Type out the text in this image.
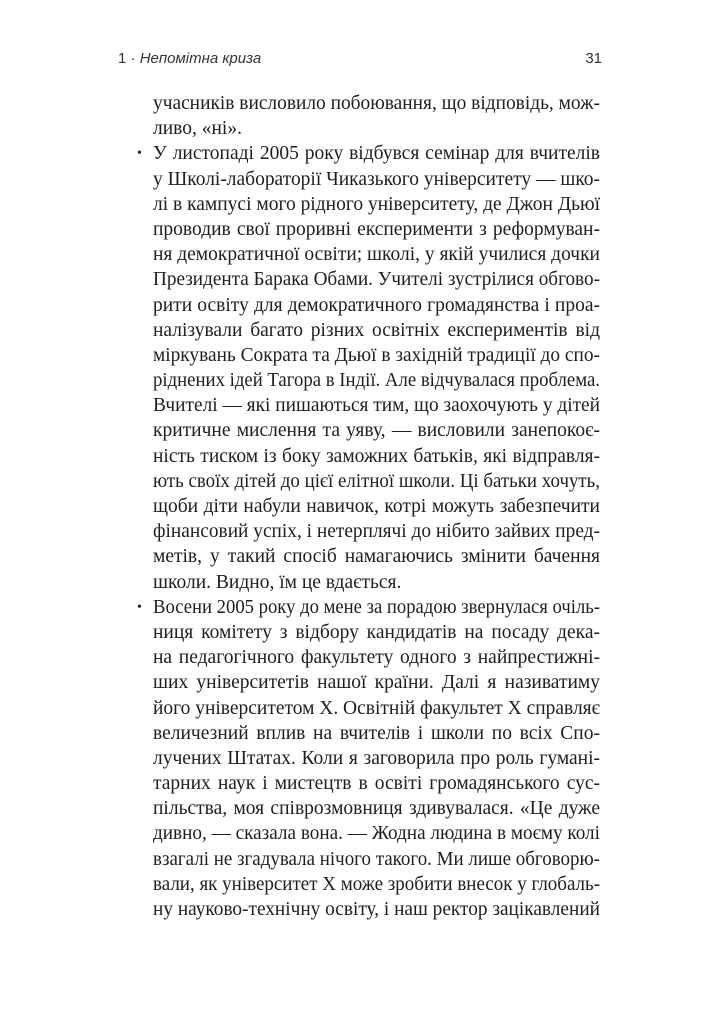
1 · Непомітна криза	31
учасників висловило побоювання, що відповідь, мож-
ливо, «ні».
• У листопаді 2005 року відбувся семінар для вчителів
у Школі-лабораторії Чиказького університету — шко-
лі в кампусі мого рідного університету, де Джон Дьюї
проводив свої проривні експерименти з реформуван-
ня демократичної освіти; школі, у якій училися дочки
Президента Барака Обами. Учителі зустрілися обгово-
рити освіту для демократичного громадянства і проа-
налізували багато різних освітніх експериментів від
міркувань Сократа та Дьюї в західній традиції до спо-
ріднених ідей Тагора в Індії. Але відчувалася проблема.
Вчителі — які пишаються тим, що заохочують у дітей
критичне мислення та уяву, — висловили занепокоє-
ність тиском із боку заможних батьків, які відправля-
ють своїх дітей до цієї елітної школи. Ці батьки хочуть,
щоби діти набули навичок, котрі можуть забезпечити
фінансовий успіх, і нетерплячі до нібито зайвих пред-
метів, у такий спосіб намагаючись змінити бачення
школи. Видно, їм це вдається.
• Восени 2005 року до мене за порадою звернулася очіль-
ниця комітету з відбору кандидатів на посаду дека-
на педагогічного факультету одного з найпрестижні-
ших університетів нашої країни. Далі я називатиму
його університетом X. Освітній факультет X справляє
величезний вплив на вчителів і школи по всіх Спо-
лучених Штатах. Коли я заговорила про роль гумані-
тарних наук і мистецтв в освіті громадянського сус-
пільства, моя співрозмовниця здивувалася. «Це дуже
дивно, — сказала вона. — Жодна людина в моєму колі
взагалі не згадувала нічого такого. Ми лише обговорю-
вали, як університет X може зробити внесок у глобаль-
ну науково-технічну освіту, і наш ректор зацікавлений
